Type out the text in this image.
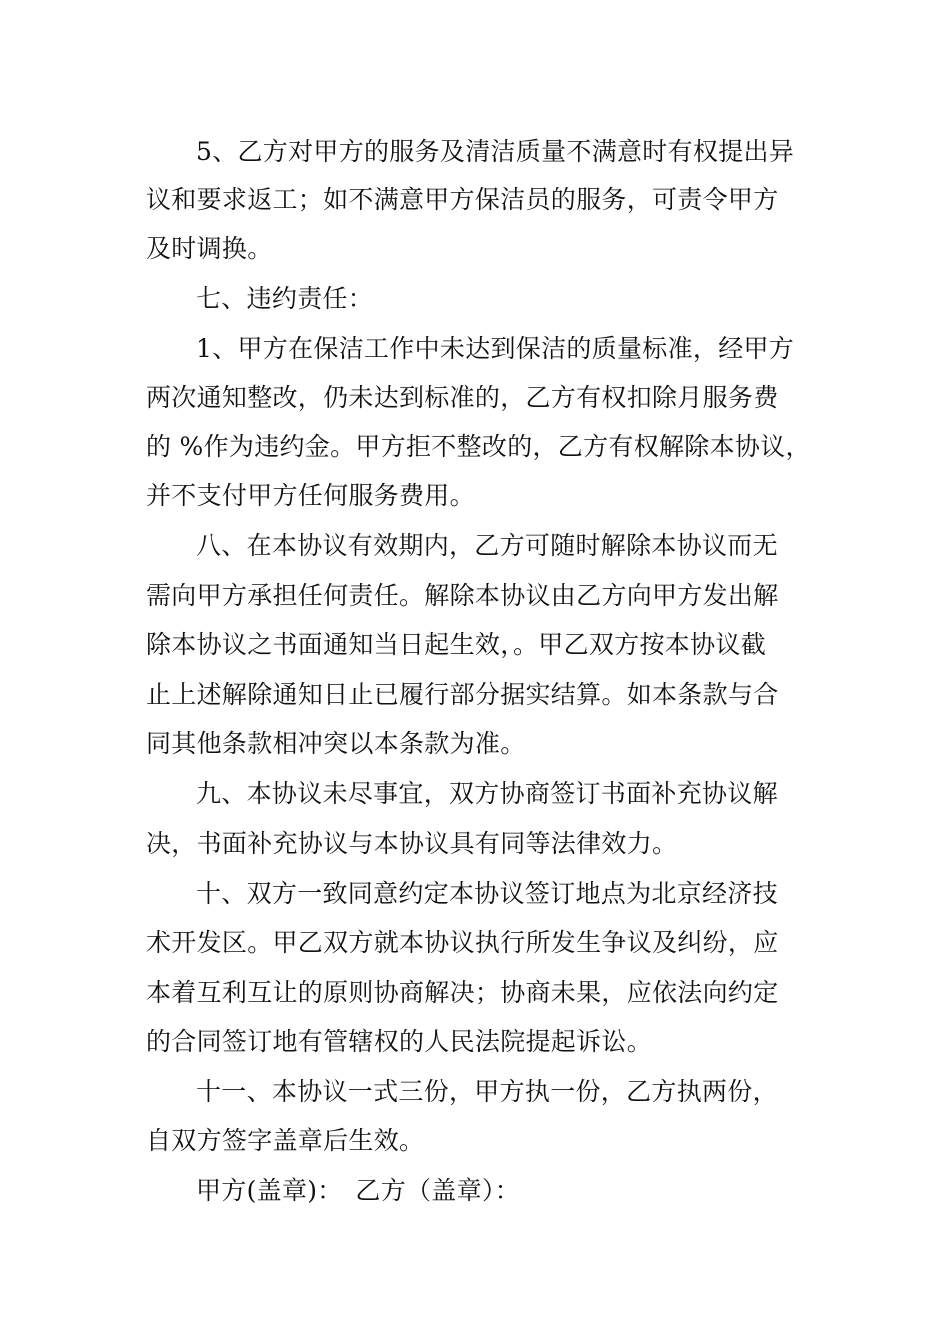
5、乙方对甲方的服务及清洁质量不满意时有权提出异
议和要求返工；如不满意甲方保洁员的服务，可责令甲方
及时调换。
七、违约责任：
1、甲方在保洁工作中未达到保洁的质量标准，经甲方
两次通知整改，仍未达到标准的，乙方有权扣除月服务费
的 %作为违约金。甲方拒不整改的，乙方有权解除本协议，
并不支付甲方任何服务费用。
八、在本协议有效期内，乙方可随时解除本协议而无
需向甲方承担任何责任。解除本协议由乙方向甲方发出解
除本协议之书面通知当日起生效，。甲乙双方按本协议截
止上述解除通知日止已履行部分据实结算。如本条款与合
同其他条款相冲突以本条款为准。
九、本协议未尽事宜，双方协商签订书面补充协议解
决，书面补充协议与本协议具有同等法律效力。
十、双方一致同意约定本协议签订地点为北京经济技
术开发区。甲乙双方就本协议执行所发生争议及纠纷，应
本着互利互让的原则协商解决；协商未果，应依法向约定
的合同签订地有管辖权的人民法院提起诉讼。
十一、本协议一式三份，甲方执一份，乙方执两份，
自双方签字盖章后生效。
甲方(盖章)：　乙方（盖章）：
